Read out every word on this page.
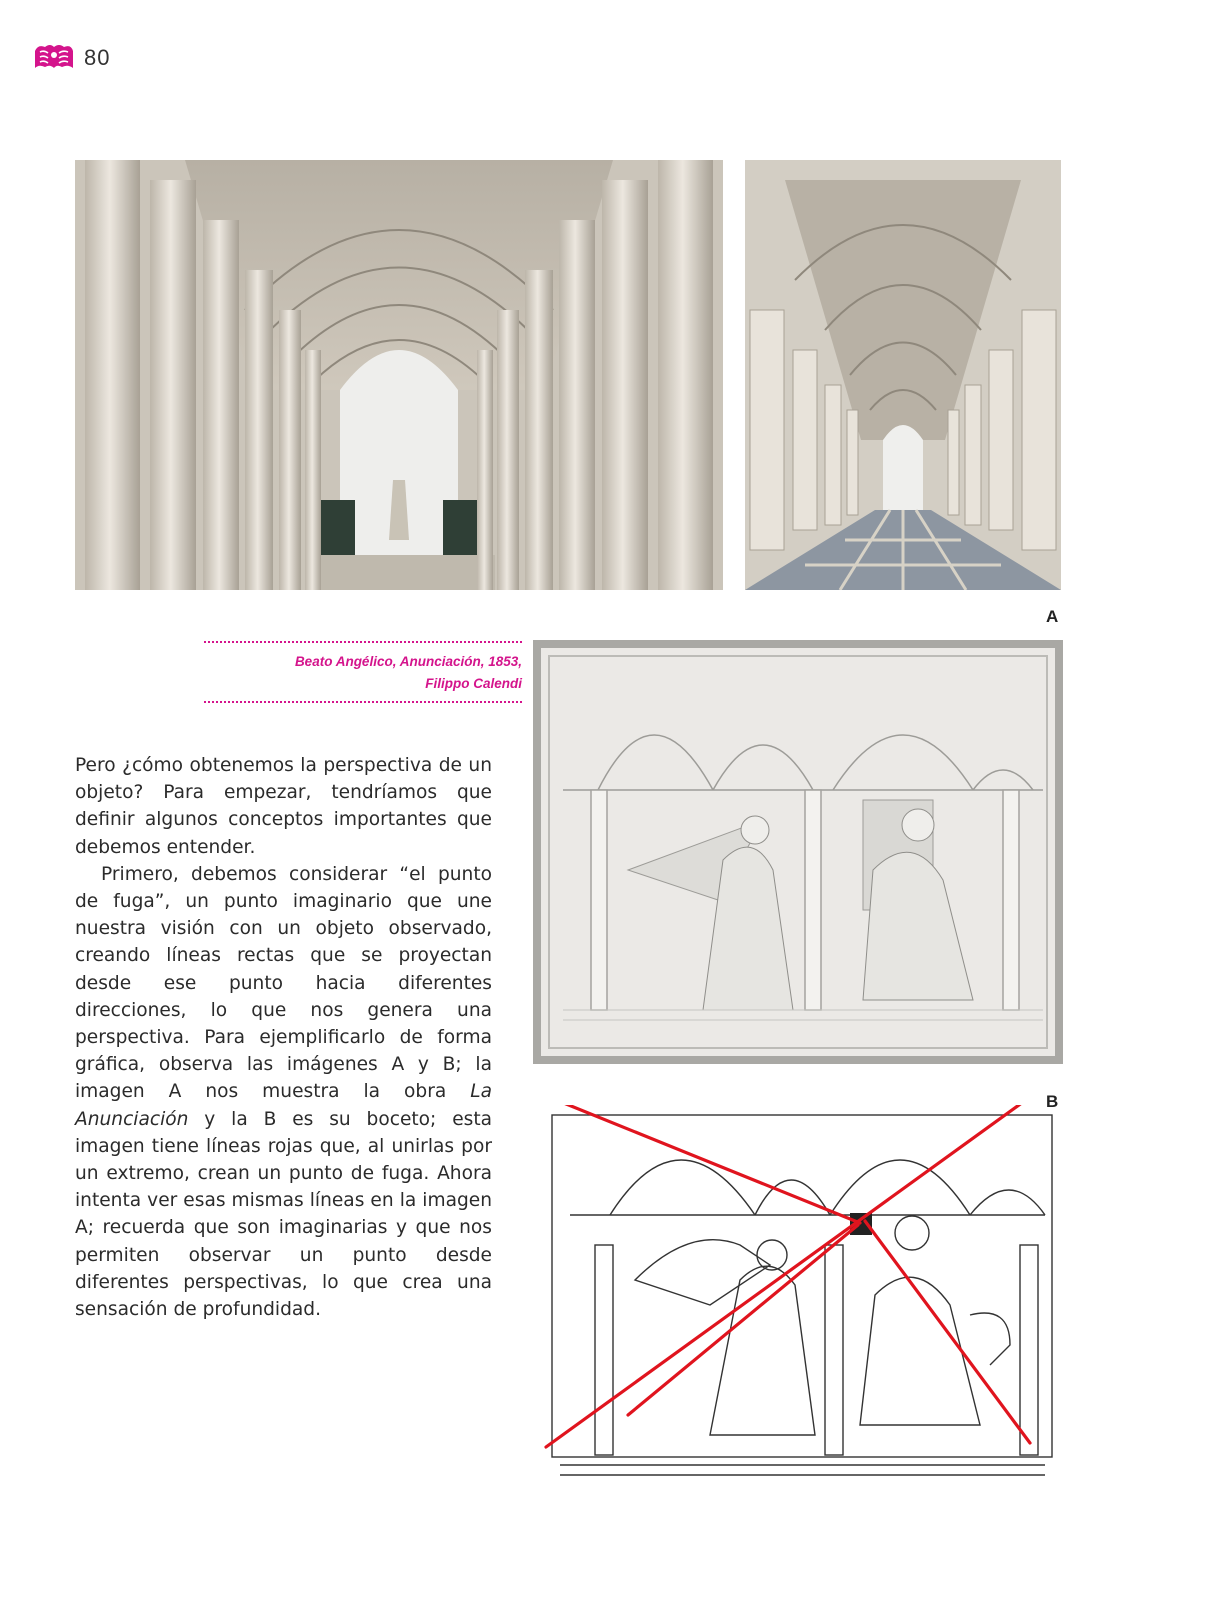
80
A
Beato Angélico, Anunciación, 1853,
Filippo Calendi
B

Pero ¿cómo obtenemos la perspectiva de un objeto? Para empezar, tendríamos que definir algunos conceptos importantes que debemos entender.

Primero, debemos considerar “el punto de fuga”, un punto imaginario que une nuestra visión con un objeto observado, creando líneas rectas que se proyectan desde ese punto hacia diferentes direcciones, lo que nos genera una perspectiva. Para ejemplificarlo de forma gráfica, observa las imágenes A y B; la imagen A nos muestra la obra La Anunciación y la B es su boceto; esta imagen tiene líneas rojas que, al unirlas por un extremo, crean un punto de fuga. Ahora intenta ver esas mismas líneas en la imagen A; recuerda que son imaginarias y que nos permiten observar un punto desde diferentes perspectivas, lo que crea una sensación de profundidad.
